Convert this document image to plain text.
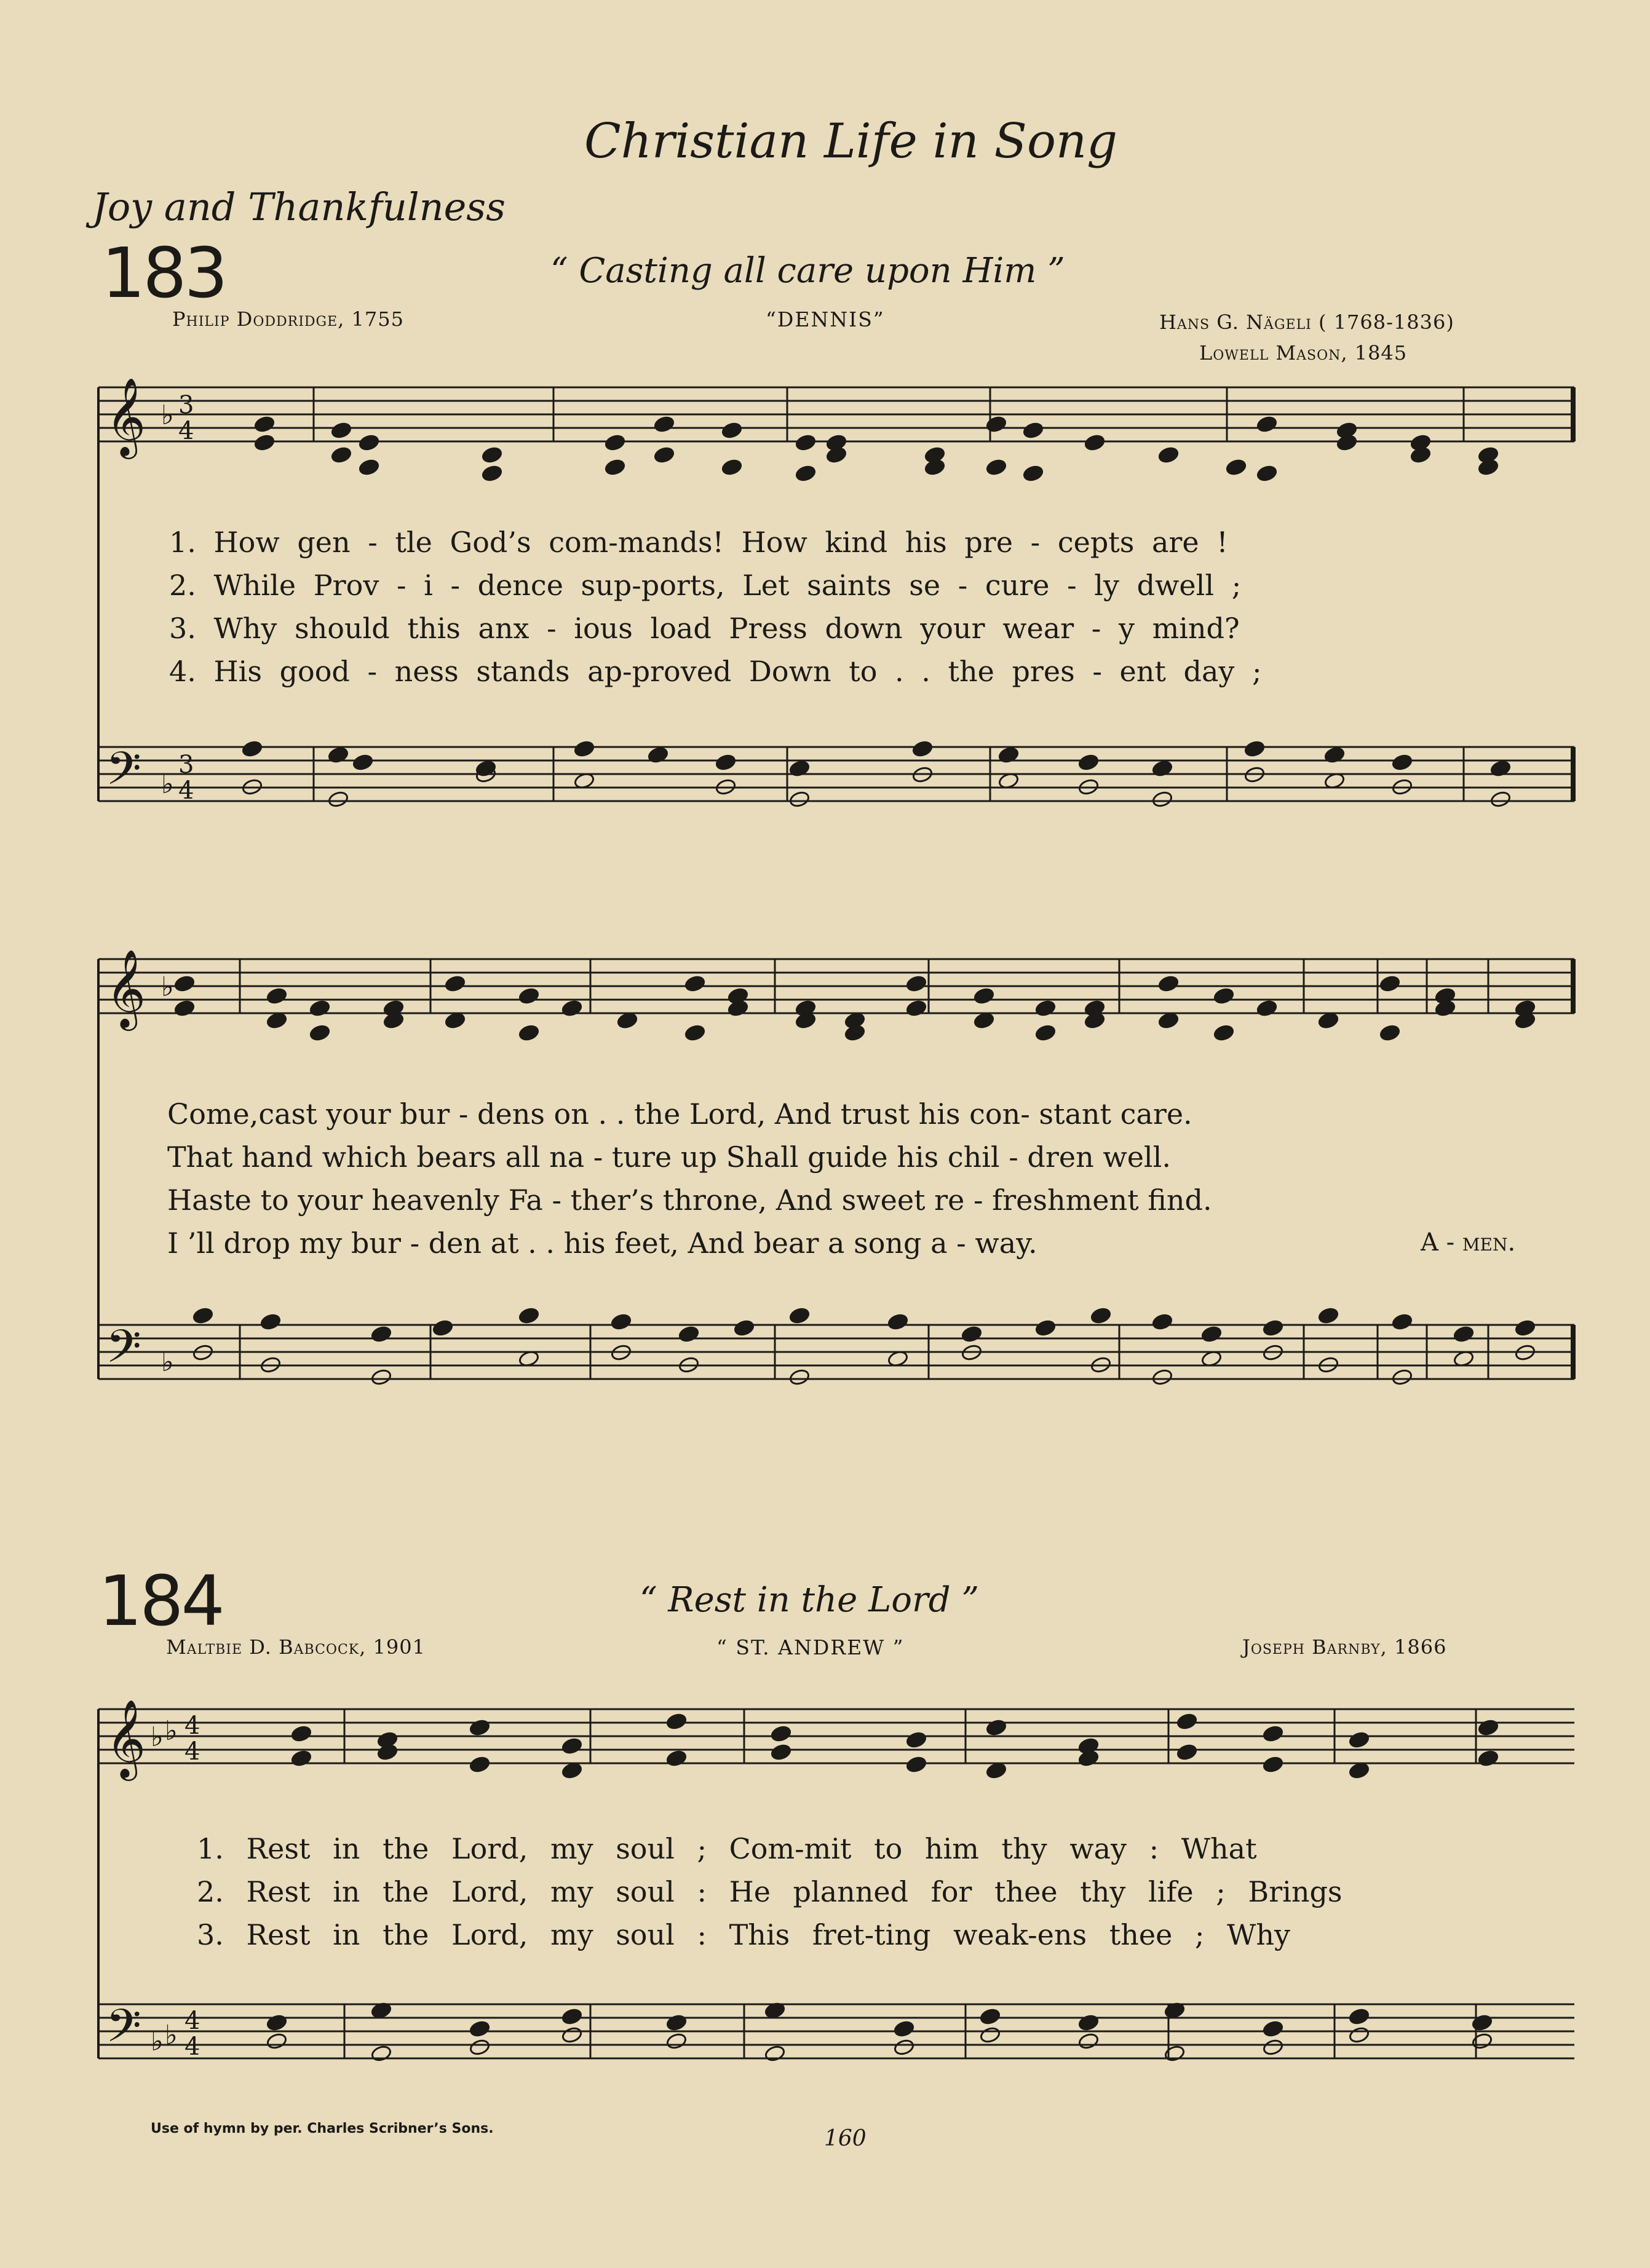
Christian Life in Song
Joy and Thankfulness
183	“ Casting all care upon Him ”
Philip Doddridge, 1755	“DENNIS”	Hans G. Nägeli ( 1768-1836)
Lowell Mason, 1845
𝄞
𝄢
♭
♭
3
4
3
4
𝄞
𝄢
♭
♭
𝄞
𝄢
♭ ♭
♭ ♭
4
4
4
4
1. How gen - tle God’s com-mands! How kind his pre - cepts are !
2. While Prov - i - dence sup-ports, Let saints se - cure - ly dwell ;
3. Why should this anx - ious load Press down your wear - y mind?
4. His good - ness stands ap-proved Down to . . the pres - ent day ;
Come,cast your bur - dens on . . the Lord, And trust his con- stant care.
That hand which bears all na - ture up Shall guide his chil - dren well.
Haste to your heavenly Fa - ther’s throne, And sweet re - freshment find.
I ’ll drop my bur - den at . . his feet, And bear a song a - way.	A - men.
184	“ Rest in the Lord ”
Maltbie D. Babcock, 1901	“ ST. ANDREW ”	Joseph Barnby, 1866
1. Rest in the Lord, my soul ; Com-mit to him thy way : What
2. Rest in the Lord, my soul : He planned for thee thy life ; Brings
3. Rest in the Lord, my soul : This fret-ting weak-ens thee ; Why
Use of hymn by per. Charles Scribner’s Sons.	160
